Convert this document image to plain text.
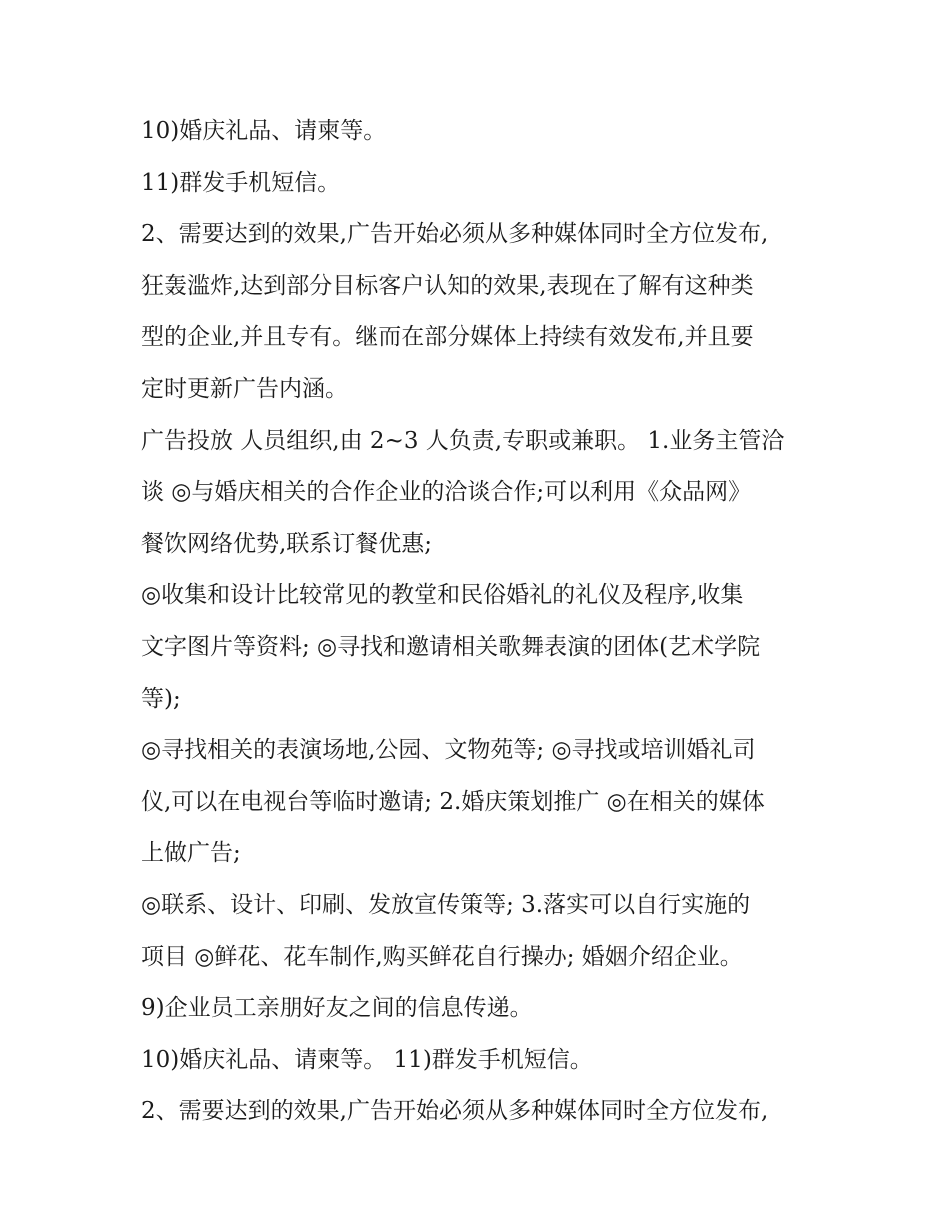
10)婚庆礼品、请柬等。
11)群发手机短信。
2、需要达到的效果,广告开始必须从多种媒体同时全方位发布,
狂轰滥炸,达到部分目标客户认知的效果,表现在了解有这种类
型的企业,并且专有。继而在部分媒体上持续有效发布,并且要
定时更新广告内涵。
广告投放 人员组织,由 2~3 人负责,专职或兼职。 1.业务主管洽
谈 ◎与婚庆相关的合作企业的洽谈合作;可以利用《众品网》
餐饮网络优势,联系订餐优惠;
◎收集和设计比较常见的教堂和民俗婚礼的礼仪及程序,收集
文字图片等资料; ◎寻找和邀请相关歌舞表演的团体(艺术学院
等);
◎寻找相关的表演场地,公园、文物苑等; ◎寻找或培训婚礼司
仪,可以在电视台等临时邀请; 2.婚庆策划推广 ◎在相关的媒体
上做广告;
◎联系、设计、印刷、发放宣传策等; 3.落实可以自行实施的
项目 ◎鲜花、花车制作,购买鲜花自行操办; 婚姻介绍企业。
9)企业员工亲朋好友之间的信息传递。
10)婚庆礼品、请柬等。 11)群发手机短信。
2、需要达到的效果,广告开始必须从多种媒体同时全方位发布,
